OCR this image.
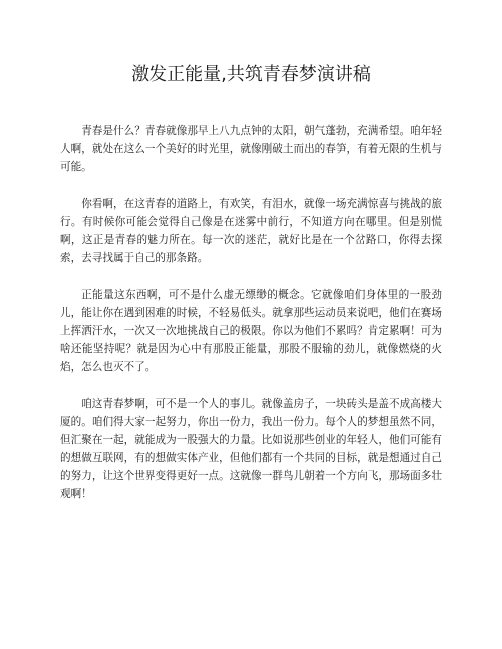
激发正能量,共筑青春梦演讲稿

青春是什么？青春就像那早上八九点钟的太阳，朝气蓬勃，充满希望。咱年轻人啊，就处在这么一个美好的时光里，就像刚破土而出的春笋，有着无限的生机与可能。

你看啊，在这青春的道路上，有欢笑，有泪水，就像一场充满惊喜与挑战的旅行。有时候你可能会觉得自己像是在迷雾中前行，不知道方向在哪里。但是别慌啊，这正是青春的魅力所在。每一次的迷茫，就好比是在一个岔路口，你得去探索，去寻找属于自己的那条路。

正能量这东西啊，可不是什么虚无缥缈的概念。它就像咱们身体里的一股劲儿，能让你在遇到困难的时候，不轻易低头。就拿那些运动员来说吧，他们在赛场上挥洒汗水，一次又一次地挑战自己的极限。你以为他们不累吗？肯定累啊！可为啥还能坚持呢？就是因为心中有那股正能量，那股不服输的劲儿，就像燃烧的火焰，怎么也灭不了。

咱这青春梦啊，可不是一个人的事儿。就像盖房子，一块砖头是盖不成高楼大厦的。咱们得大家一起努力，你出一份力，我出一份力。每个人的梦想虽然不同，但汇聚在一起，就能成为一股强大的力量。比如说那些创业的年轻人，他们可能有的想做互联网，有的想做实体产业，但他们都有一个共同的目标，就是想通过自己的努力，让这个世界变得更好一点。这就像一群鸟儿朝着一个方向飞，那场面多壮观啊！
